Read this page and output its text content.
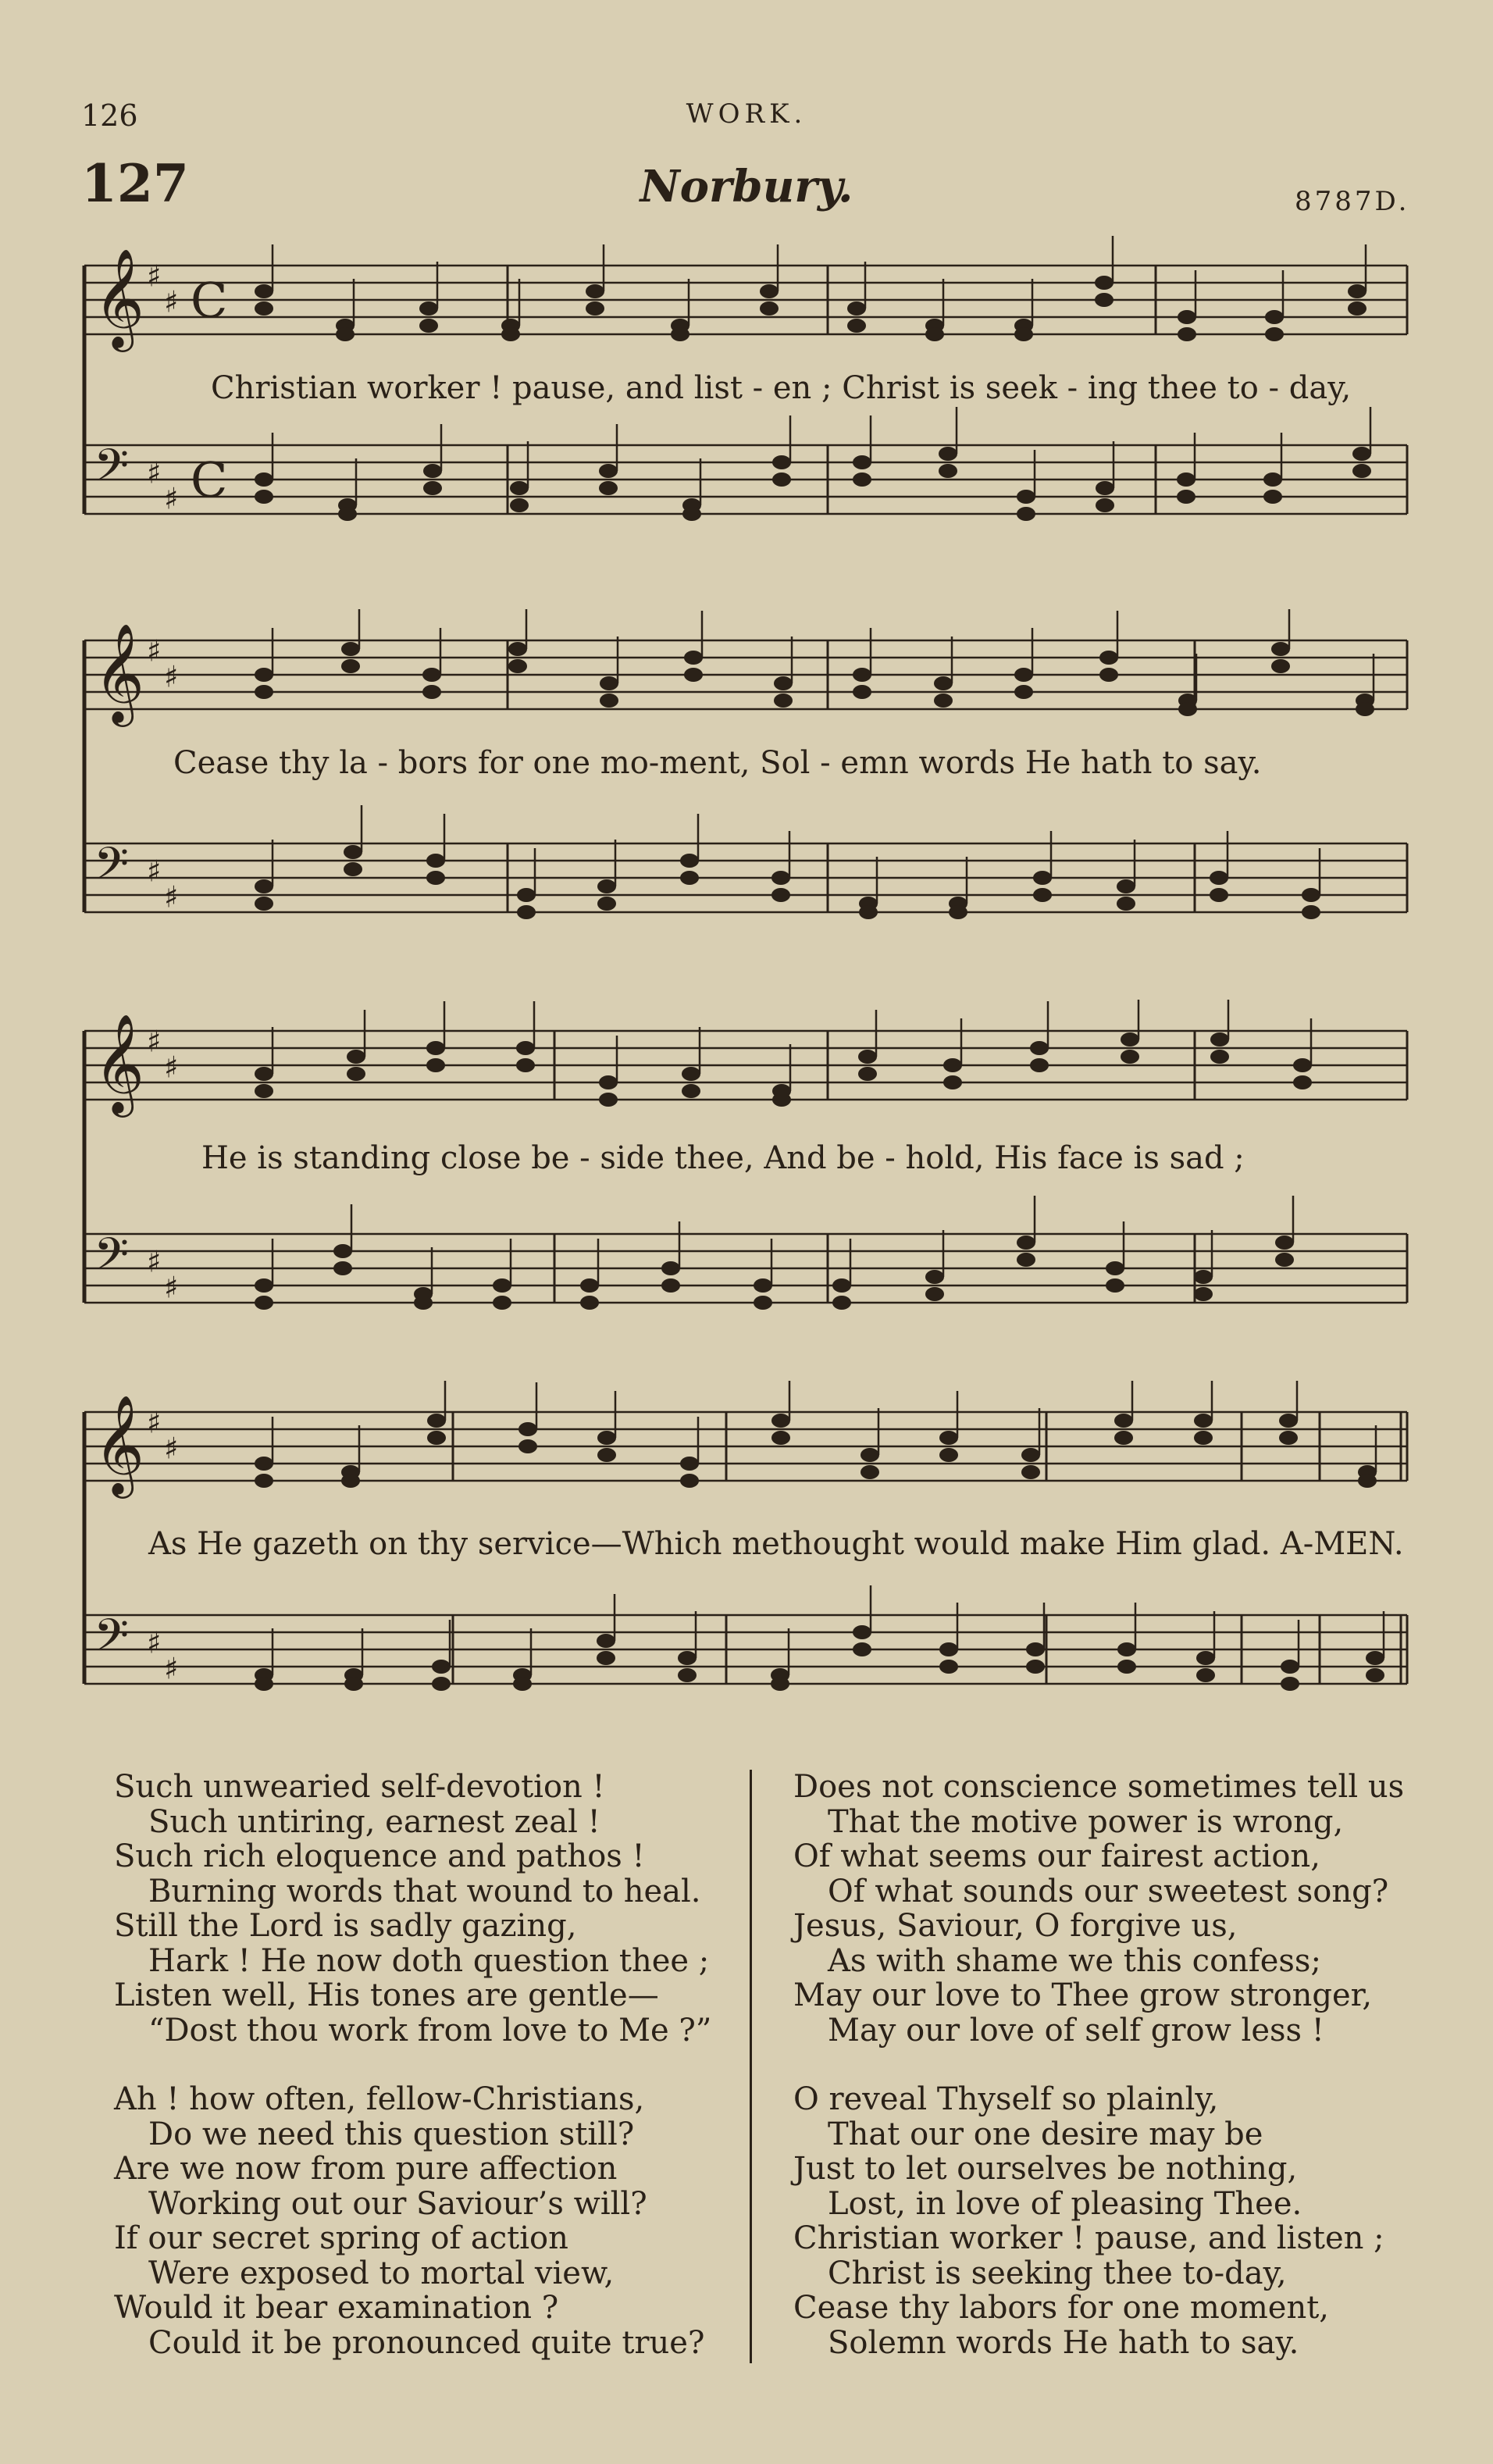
126	WORK.
127	Norbury.	8787D.
𝄞 ♯
♯ C
𝄢 ♯
♯ C
Christian worker ! pause, and list - en ; Christ is seek - ing thee to - day,
𝄞 ♯
♯
𝄢 ♯
♯
Cease thy la - bors for one mo-ment, Sol - emn words He hath to say.
𝄞 ♯
♯
𝄢 ♯
♯
He is standing close be - side thee, And be - hold, His face is sad ;
𝄞 ♯
♯
𝄢 ♯
♯
As He gazeth on thy service—Which methought would make Him glad. A-MEN.
Such unwearied self-devotion !
Such untiring, earnest zeal !
Such rich eloquence and pathos !
Burning words that wound to heal.
Still the Lord is sadly gazing,
Hark ! He now doth question thee ;
Listen well, His tones are gentle—
“Dost thou work from love to Me ?”
Ah ! how often, fellow-Christians,
Do we need this question still?
Are we now from pure affection
Working out our Saviour’s will?
If our secret spring of action
Were exposed to mortal view,
Would it bear examination ?
Could it be pronounced quite true?
Does not conscience sometimes tell us
That the motive power is wrong,
Of what seems our fairest action,
Of what sounds our sweetest song?
Jesus, Saviour, O forgive us,
As with shame we this confess;
May our love to Thee grow stronger,
May our love of self grow less !
O reveal Thyself so plainly,
That our one desire may be
Just to let ourselves be nothing,
Lost, in love of pleasing Thee.
Christian worker ! pause, and listen ;
Christ is seeking thee to-day,
Cease thy labors for one moment,
Solemn words He hath to say.
